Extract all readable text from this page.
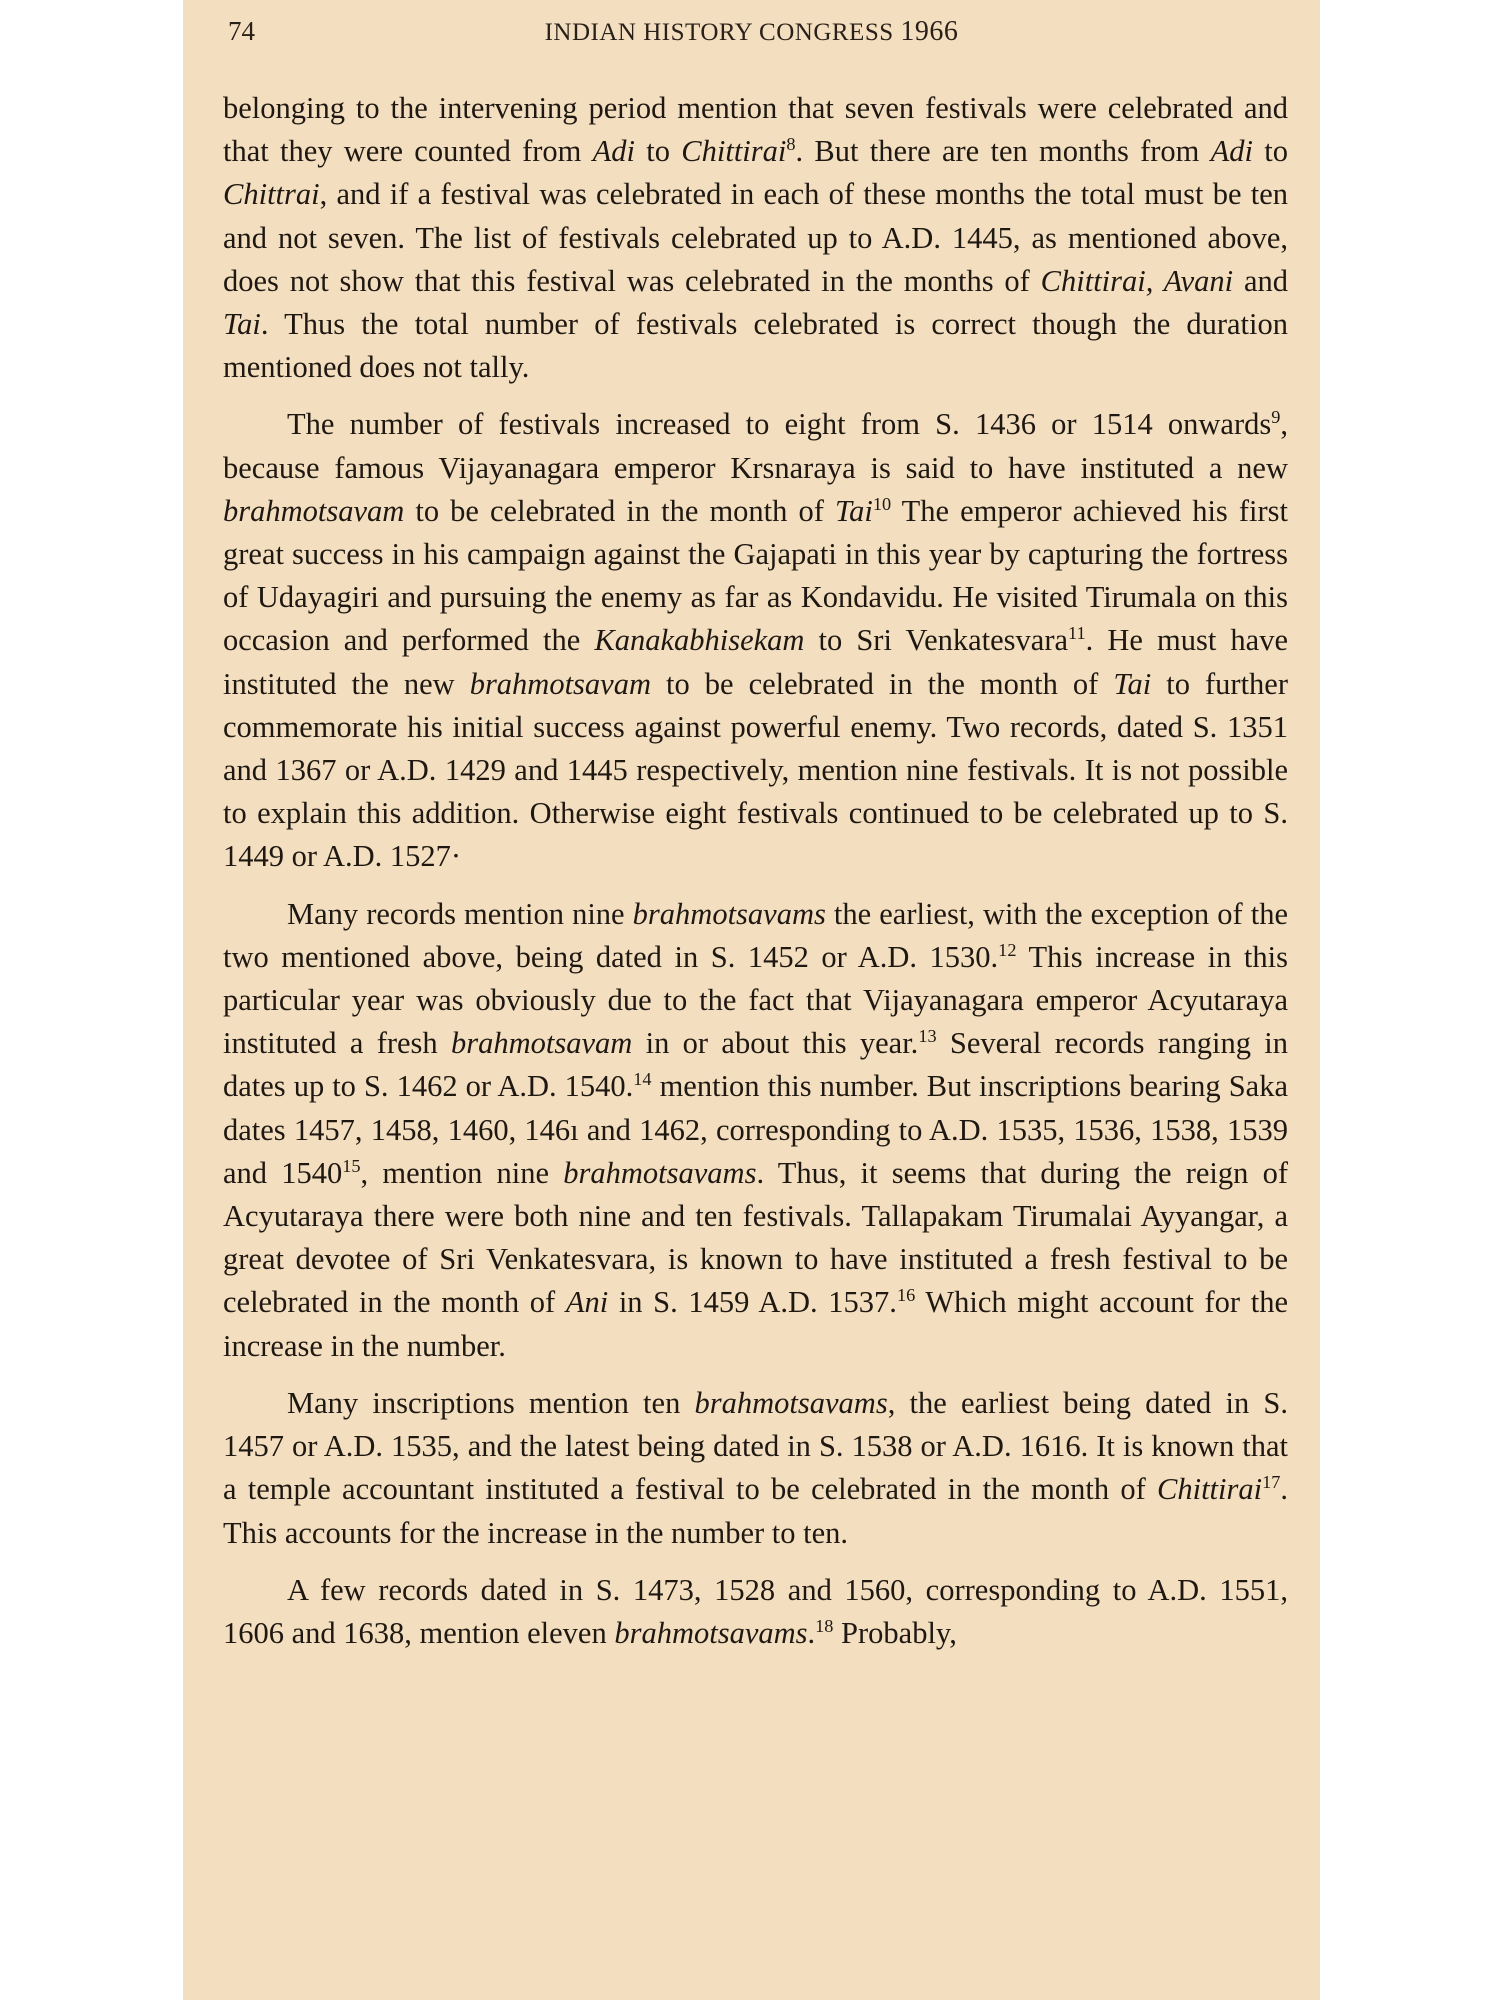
74	INDIAN HISTORY CONGRESS 1966

belonging to the intervening period mention that seven festivals were celebrated and that they were counted from Adi to Chittirai$^8$. But there are ten months from Adi to Chittrai, and if a festival was celebrated in each of these months the total must be ten and not seven. The list of festivals celebrated up to A.D. 1445, as mentioned above, does not show that this festival was celebrated in the months of Chittirai, Avani and Tai. Thus the total number of festivals celebrated is correct though the duration mentioned does not tally.

The number of festivals increased to eight from S. 1436 or 1514 onwards$^9$, because famous Vijayanagara emperor Krsnaraya is said to have instituted a new brahmotsavam to be celebrated in the month of Tai$^{10}$ The emperor achieved his first great success in his campaign against the Gajapati in this year by capturing the fortress of Udayagiri and pursuing the enemy as far as Kondavidu. He visited Tirumala on this occasion and performed the Kanakabhisekam to Sri Venkatesvara$^{11}$. He must have instituted the new brahmotsavam to be celebrated in the month of Tai to further commemorate his initial success against powerful enemy. Two records, dated S. 1351 and 1367 or A.D. 1429 and 1445 respectively, mention nine festivals. It is not possible to explain this addition. Otherwise eight festivals continued to be celebrated up to S. 1449 or A.D. 1527·

Many records mention nine brahmotsavams the earliest, with the exception of the two mentioned above, being dated in S. 1452 or A.D. 1530.12 This increase in this particular year was obviously due to the fact that Vijayanagara emperor Acyutaraya instituted a fresh brahmotsavam in or about this year.$^{13}$ Several records ranging in dates up to S. 1462 or A.D. 1540.14 mention this number. But inscriptions bearing Saka dates 1457, 1458, 1460, 146ı and 1462, corresponding to A.D. 1535, 1536, 1538, 1539 and 1540$^{15}$, mention nine brahmotsavams. Thus, it seems that during the reign of Acyutaraya there were both nine and ten festivals. Tallapakam Tirumalai Ayyangar, a great devotee of Sri Venkatesvara, is known to have instituted a fresh festival to be celebrated in the month of Ani in S. 1459 A.D. 1537.16 Which might account for the increase in the number.

Many inscriptions mention ten brahmotsavams, the earliest being dated in S. 1457 or A.D. 1535, and the latest being dated in S. 1538 or A.D. 1616. It is known that a temple accountant instituted a festival to be celebrated in the month of Chittirai$^{17}$. This accounts for the increase in the number to ten.

A few records dated in S. 1473, 1528 and 1560, corresponding to A.D. 1551, 1606 and 1638, mention eleven brahmotsavams.$^{18}$ Probably,
